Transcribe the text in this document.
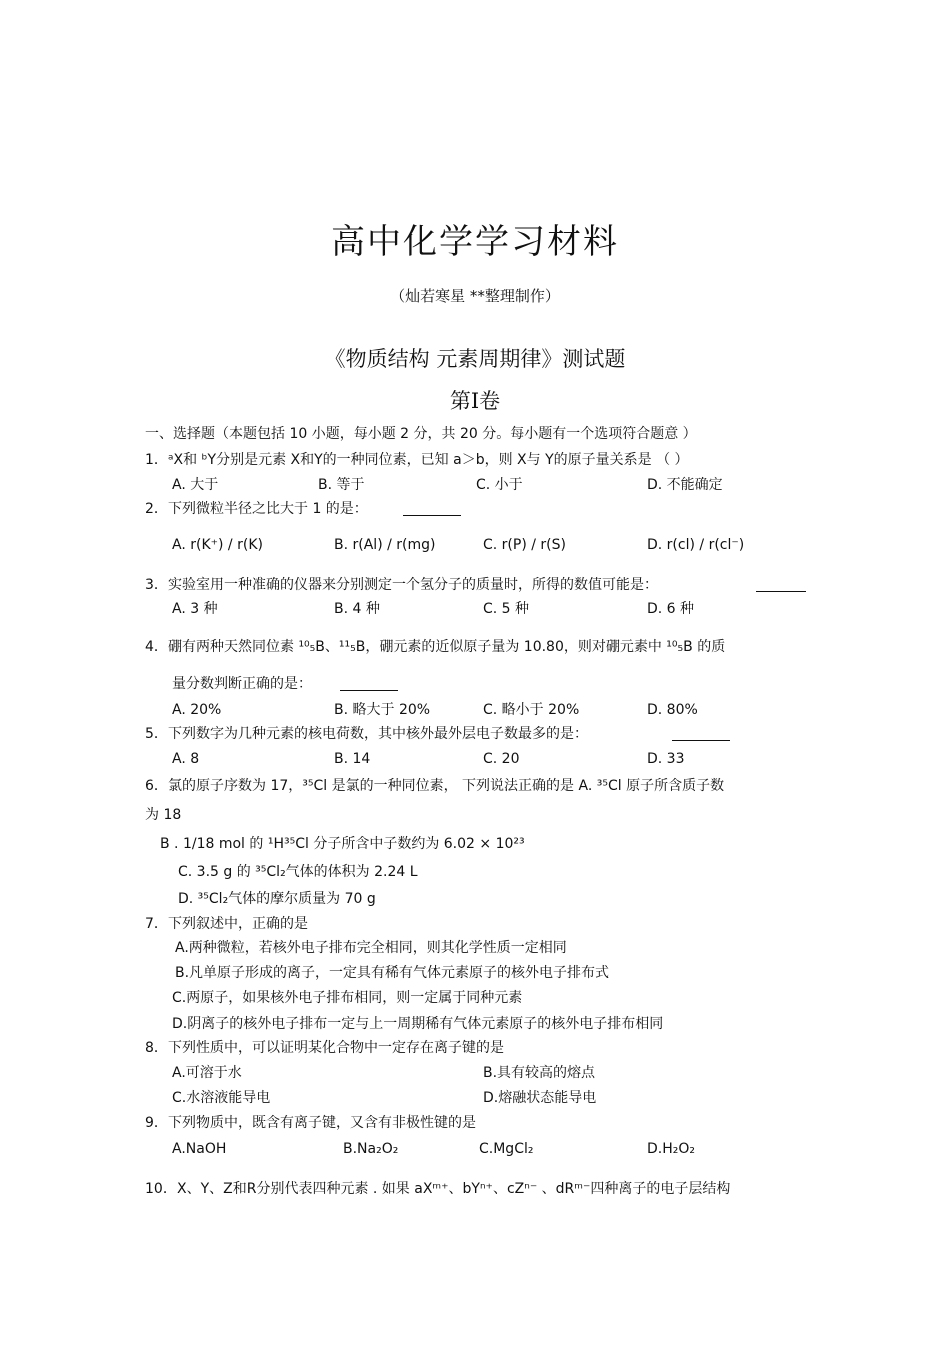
高中化学学习材料
（灿若寒星 **整理制作）
《物质结构 元素周期律》测试题
第Ⅰ卷
一、选择题（本题包括 10 小题，每小题 2 分，共 20 分。每小题有一个选项符合题意 ）
1． ᵃX和 ᵇY分别是元素 X和Y的一种同位素，已知 a＞b，则 X与 Y的原子量关系是 （ ）
A. 大于	B. 等于	C. 小于	D. 不能确定
2． 下列微粒半径之比大于 1 的是：
A. r(K⁺) / r(K)	B. r(Al) / r(mg)	C. r(P) / r(S)	D. r(cl) / r(cl⁻)
3． 实验室用一种准确的仪器来分别测定一个氢分子的质量时，所得的数值可能是：
A. 3 种	B. 4 种	C. 5 种	D. 6 种
4． 硼有两种天然同位素 ¹⁰₅B、¹¹₅B，硼元素的近似原子量为 10.80，则对硼元素中 ¹⁰₅B 的质
量分数判断正确的是：
A. 20%	B. 略大于 20%	C. 略小于 20%	D. 80%
5． 下列数字为几种元素的核电荷数，其中核外最外层电子数最多的是：
A. 8	B. 14	C. 20	D. 33
6． 氯的原子序数为 17，³⁵Cl 是氯的一种同位素， 下列说法正确的是 A. ³⁵Cl 原子所含质子数
为 18
B . 1/18 mol 的 ¹H³⁵Cl 分子所含中子数约为 6.02 × 10²³
C. 3.5 g 的 ³⁵Cl₂气体的体积为 2.24 L
D. ³⁵Cl₂气体的摩尔质量为 70 g
7． 下列叙述中，正确的是
A.两种微粒，若核外电子排布完全相同，则其化学性质一定相同
B.凡单原子形成的离子，一定具有稀有气体元素原子的核外电子排布式
C.两原子，如果核外电子排布相同，则一定属于同种元素
D.阴离子的核外电子排布一定与上一周期稀有气体元素原子的核外电子排布相同
8． 下列性质中，可以证明某化合物中一定存在离子键的是
A.可溶于水	B.具有较高的熔点
C.水溶液能导电	D.熔融状态能导电
9． 下列物质中，既含有离子键，又含有非极性键的是
A.NaOH	B.Na₂O₂	C.MgCl₂	D.H₂O₂
10． X、Y、Z和R分别代表四种元素 . 如果 aXᵐ⁺、bYⁿ⁺、cZⁿ⁻ 、dRᵐ⁻四种离子的电子层结构
